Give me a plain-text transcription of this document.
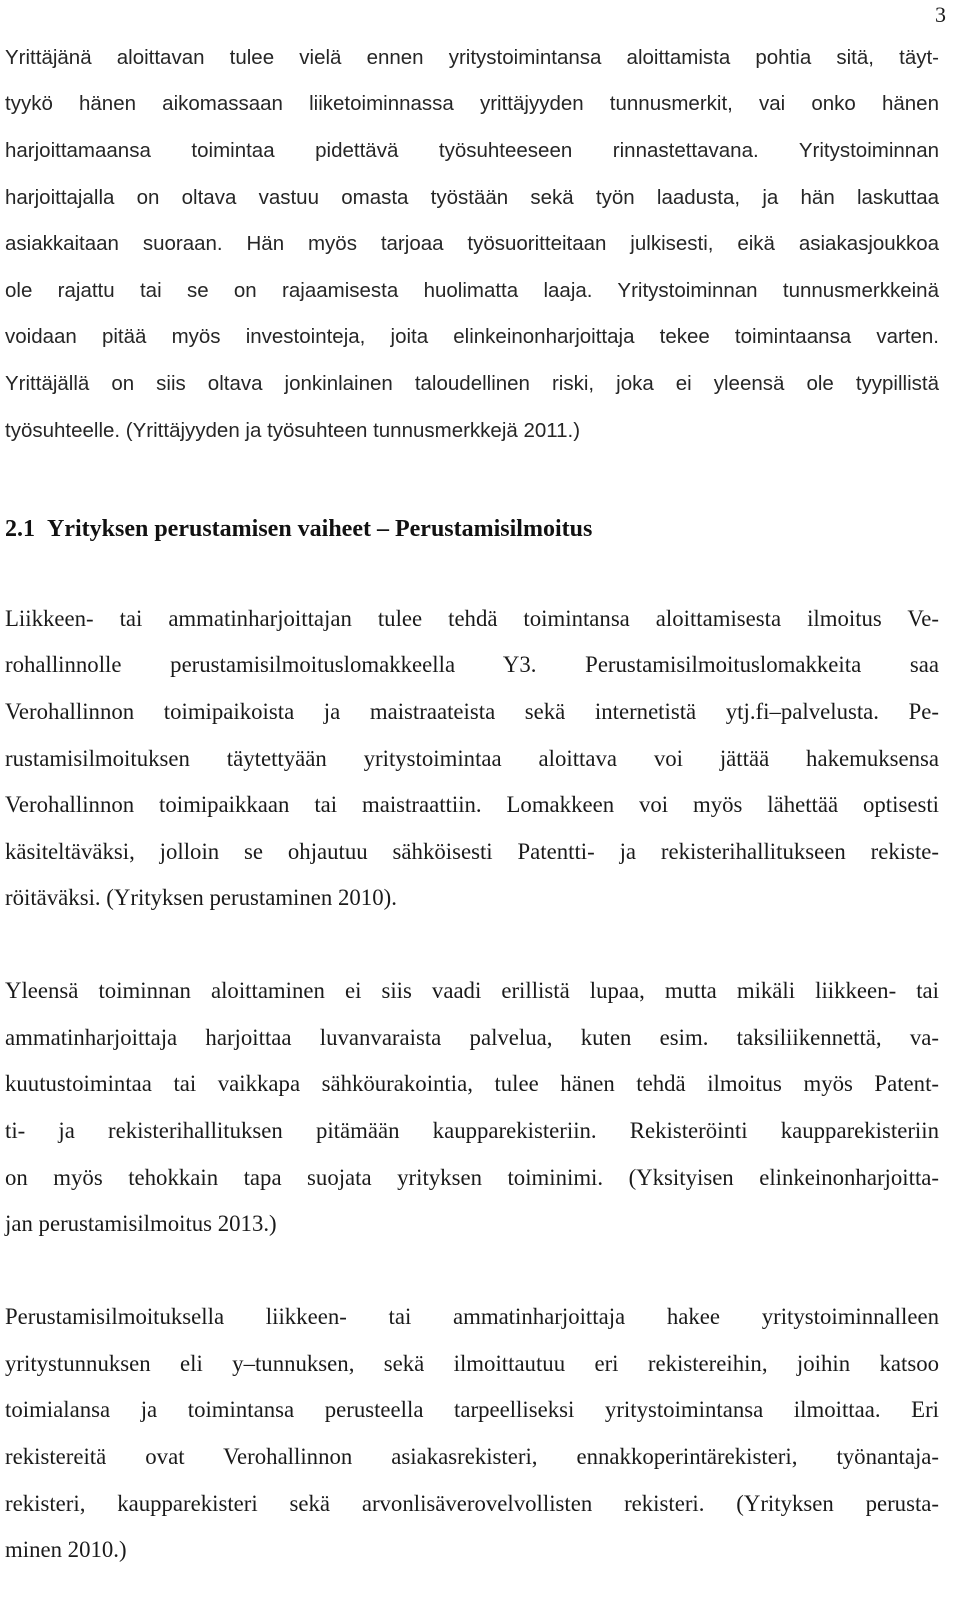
3
Yrittäjänä aloittavan tulee vielä ennen yritystoimintansa aloittamista pohtia sitä, täyt-
tyykö hänen aikomassaan liiketoiminnassa yrittäjyyden tunnusmerkit, vai onko hänen
harjoittamaansa toimintaa pidettävä työsuhteeseen rinnastettavana. Yritystoiminnan
harjoittajalla on oltava vastuu omasta työstään sekä työn laadusta, ja hän laskuttaa
asiakkaitaan suoraan. Hän myös tarjoaa työsuoritteitaan julkisesti, eikä asiakasjoukkoa
ole rajattu tai se on rajaamisesta huolimatta laaja. Yritystoiminnan tunnusmerkkeinä
voidaan pitää myös investointeja, joita elinkeinonharjoittaja tekee toimintaansa varten.
Yrittäjällä on siis oltava jonkinlainen taloudellinen riski, joka ei yleensä ole tyypillistä
työsuhteelle. (Yrittäjyyden ja työsuhteen tunnusmerkkejä 2011.)
2.1 Yrityksen perustamisen vaiheet – Perustamisilmoitus
Liikkeen- tai ammatinharjoittajan tulee tehdä toimintansa aloittamisesta ilmoitus Ve-
rohallinnolle perustamisilmoituslomakkeella Y3. Perustamisilmoituslomakkeita saa
Verohallinnon toimipaikoista ja maistraateista sekä internetistä ytj.fi–palvelusta. Pe-
rustamisilmoituksen täytettyään yritystoimintaa aloittava voi jättää hakemuksensa
Verohallinnon toimipaikkaan tai maistraattiin. Lomakkeen voi myös lähettää optisesti
käsiteltäväksi, jolloin se ohjautuu sähköisesti Patentti- ja rekisterihallitukseen rekiste-
röitäväksi. (Yrityksen perustaminen 2010).
Yleensä toiminnan aloittaminen ei siis vaadi erillistä lupaa, mutta mikäli liikkeen- tai
ammatinharjoittaja harjoittaa luvanvaraista palvelua, kuten esim. taksiliikennettä, va-
kuutustoimintaa tai vaikkapa sähköurakointia, tulee hänen tehdä ilmoitus myös Patent-
ti- ja rekisterihallituksen pitämään kaupparekisteriin. Rekisteröinti kaupparekisteriin
on myös tehokkain tapa suojata yrityksen toiminimi. (Yksityisen elinkeinonharjoitta-
jan perustamisilmoitus 2013.)
Perustamisilmoituksella liikkeen- tai ammatinharjoittaja hakee yritystoiminnalleen
yritystunnuksen eli y–tunnuksen, sekä ilmoittautuu eri rekistereihin, joihin katsoo
toimialansa ja toimintansa perusteella tarpeelliseksi yritystoimintansa ilmoittaa. Eri
rekistereitä ovat Verohallinnon asiakasrekisteri, ennakkoperintärekisteri, työnantaja-
rekisteri, kaupparekisteri sekä arvonlisäverovelvollisten rekisteri. (Yrityksen perusta-
minen 2010.)
